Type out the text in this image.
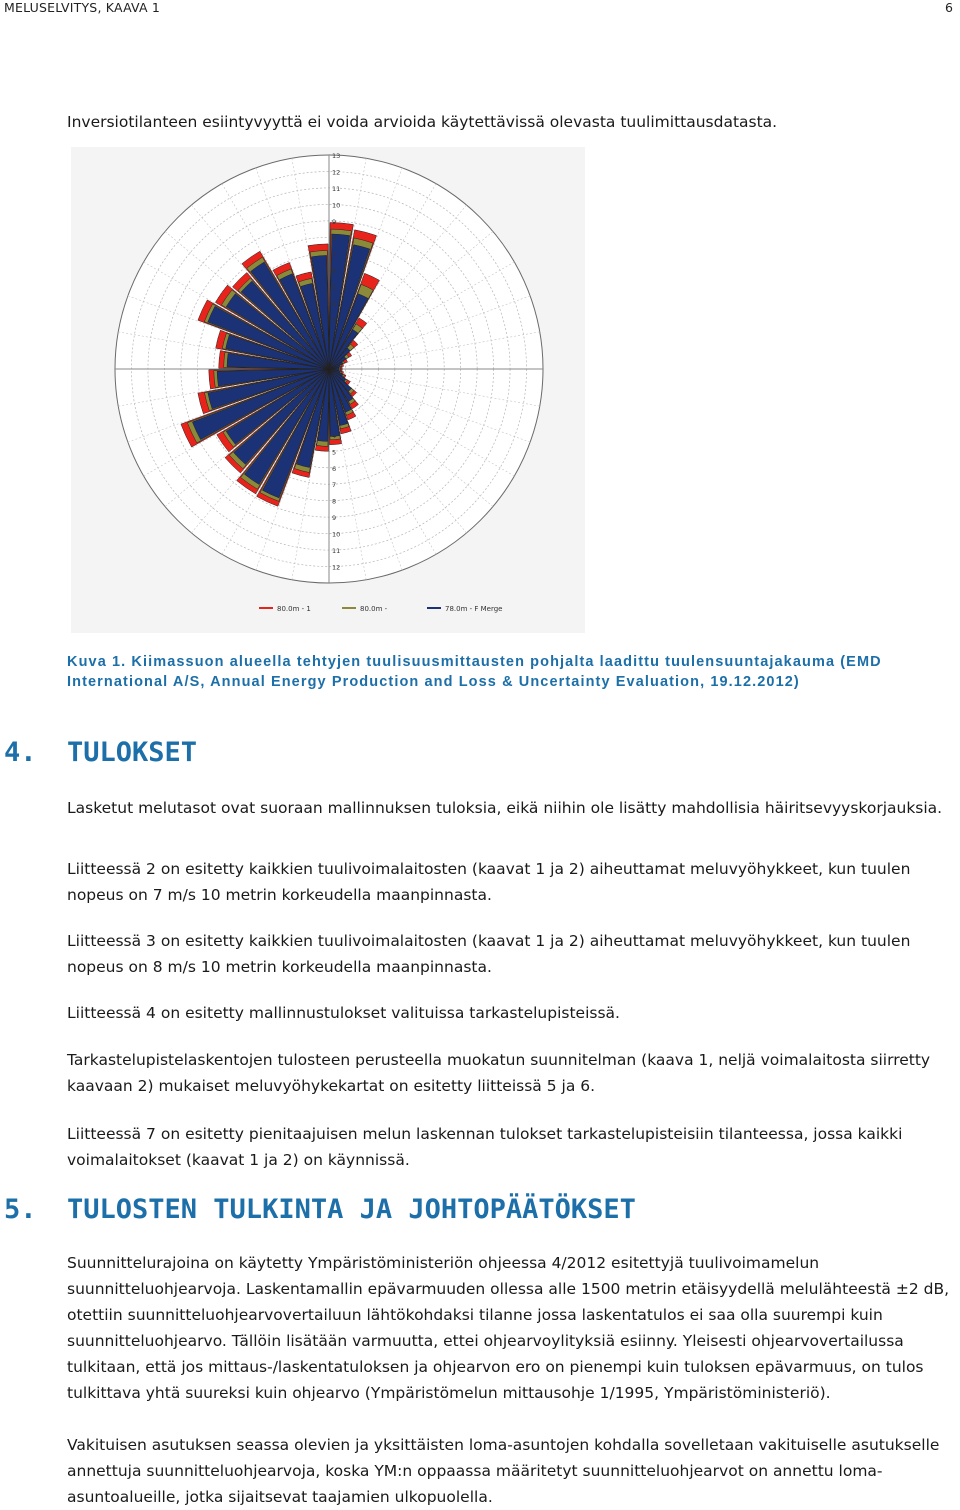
MELUSELVITYS, KAAVA 1	6

Inversiotilanteen esiintyvyyttä ei voida arvioida käytettävissä olevasta tuulimittausdatasta.

13
12
12
11
11
10
10
9
9
8
8
7
7
6
6
5
5
4
4
3
3
80.0m - 1	80.0m -	78.0m - F Merge

Kuva 1. Kiimassuon alueella tehtyjen tuulisuusmittausten pohjalta laadittu tuulensuuntajakauma (EMD International A/S, Annual Energy Production and Loss & Uncertainty Evaluation, 19.12.2012)

4. TULOKSET

Lasketut melutasot ovat suoraan mallinnuksen tuloksia, eikä niihin ole lisätty mahdollisia häiritsevyyskorjauksia.

Liitteessä 2 on esitetty kaikkien tuulivoimalaitosten (kaavat 1 ja 2) aiheuttamat meluvyöhykkeet, kun tuulen nopeus on 7 m/s 10 metrin korkeudella maanpinnasta.

Liitteessä 3 on esitetty kaikkien tuulivoimalaitosten (kaavat 1 ja 2) aiheuttamat meluvyöhykkeet, kun tuulen nopeus on 8 m/s 10 metrin korkeudella maanpinnasta.

Liitteessä 4 on esitetty mallinnustulokset valituissa tarkastelupisteissä.

Tarkastelupistelaskentojen tulosteen perusteella muokatun suunnitelman (kaava 1, neljä voimalaitosta siirretty kaavaan 2) mukaiset meluvyöhykekartat on esitetty liitteissä 5 ja 6.

Liitteessä 7 on esitetty pienitaajuisen melun laskennan tulokset tarkastelupisteisiin tilanteessa, jossa kaikki voimalaitokset (kaavat 1 ja 2) on käynnissä.

5. TULOSTEN TULKINTA JA JOHTOPÄÄTÖKSET

Suunnittelurajoina on käytetty Ympäristöministeriön ohjeessa 4/2012 esitettyjä tuulivoimamelun suunnitteluohjearvoja. Laskentamallin epävarmuuden ollessa alle 1500 metrin etäisyydellä melulähteestä ±2 dB, otettiin suunnitteluohjearvovertailuun lähtökohdaksi tilanne jossa laskentatulos ei saa olla suurempi kuin suunnitteluohjearvo. Tällöin lisätään varmuutta, ettei ohjearvoylityksiä esiinny. Yleisesti ohjearvovertailussa tulkitaan, että jos mittaus-/laskentatuloksen ja ohjearvon ero on pienempi kuin tuloksen epävarmuus, on tulos tulkittava yhtä suureksi kuin ohjearvo (Ympäristömelun mittausohje 1/1995, Ympäristöministeriö).

Vakituisen asutuksen seassa olevien ja yksittäisten loma-asuntojen kohdalla sovelletaan vakituiselle asutukselle annettuja suunnitteluohjearvoja, koska YM:n oppaassa määritetyt suunnitteluohjearvot on annettu loma-asuntoalueille, jotka sijaitsevat taajamien ulkopuolella.
